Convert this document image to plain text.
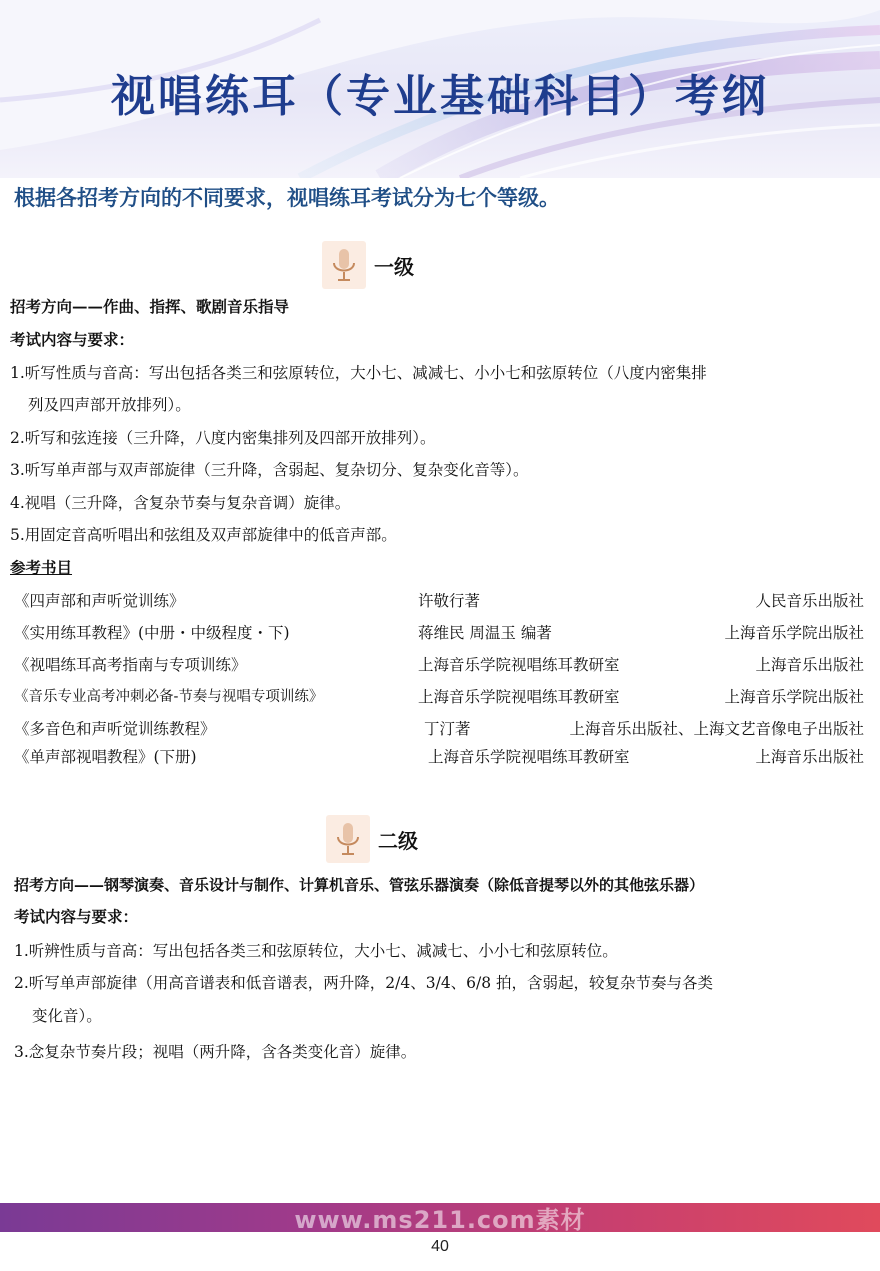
视唱练耳（专业基础科目）考纲

根据各招考方向的不同要求，视唱练耳考试分为七个等级。

一级

招考方向——作曲、指挥、歌剧音乐指导

考试内容与要求：

1.听写性质与音高：写出包括各类三和弦原转位，大小七、减减七、小小七和弦原转位（八度内密集排

列及四声部开放排列）。

2.听写和弦连接（三升降，八度内密集排列及四部开放排列）。

3.听写单声部与双声部旋律（三升降，含弱起、复杂切分、复杂变化音等）。

4.视唱（三升降，含复杂节奏与复杂音调）旋律。

5.用固定音高听唱出和弦组及双声部旋律中的低音声部。

参考书目

《四声部和声听觉训练》	许敬行著	人民音乐出版社
《实用练耳教程》(中册・中级程度・下)	蒋维民 周温玉 编著	上海音乐学院出版社
《视唱练耳高考指南与专项训练》	上海音乐学院视唱练耳教研室	上海音乐出版社
《音乐专业高考冲刺必备-节奏与视唱专项训练》	上海音乐学院视唱练耳教研室	上海音乐学院出版社
《多音色和声听觉训练教程》	丁汀著	上海音乐出版社、上海文艺音像电子出版社
《单声部视唱教程》(下册)	上海音乐学院视唱练耳教研室	上海音乐出版社
二级

招考方向——钢琴演奏、音乐设计与制作、计算机音乐、管弦乐器演奏（除低音提琴以外的其他弦乐器）

考试内容与要求：

1.听辨性质与音高：写出包括各类三和弦原转位，大小七、减减七、小小七和弦原转位。

2.听写单声部旋律（用高音谱表和低音谱表，两升降，2/4、3/4、6/8 拍，含弱起，较复杂节奏与各类

变化音）。

3.念复杂节奏片段；视唱（两升降，含各类变化音）旋律。

www.ms211.com素材
40
